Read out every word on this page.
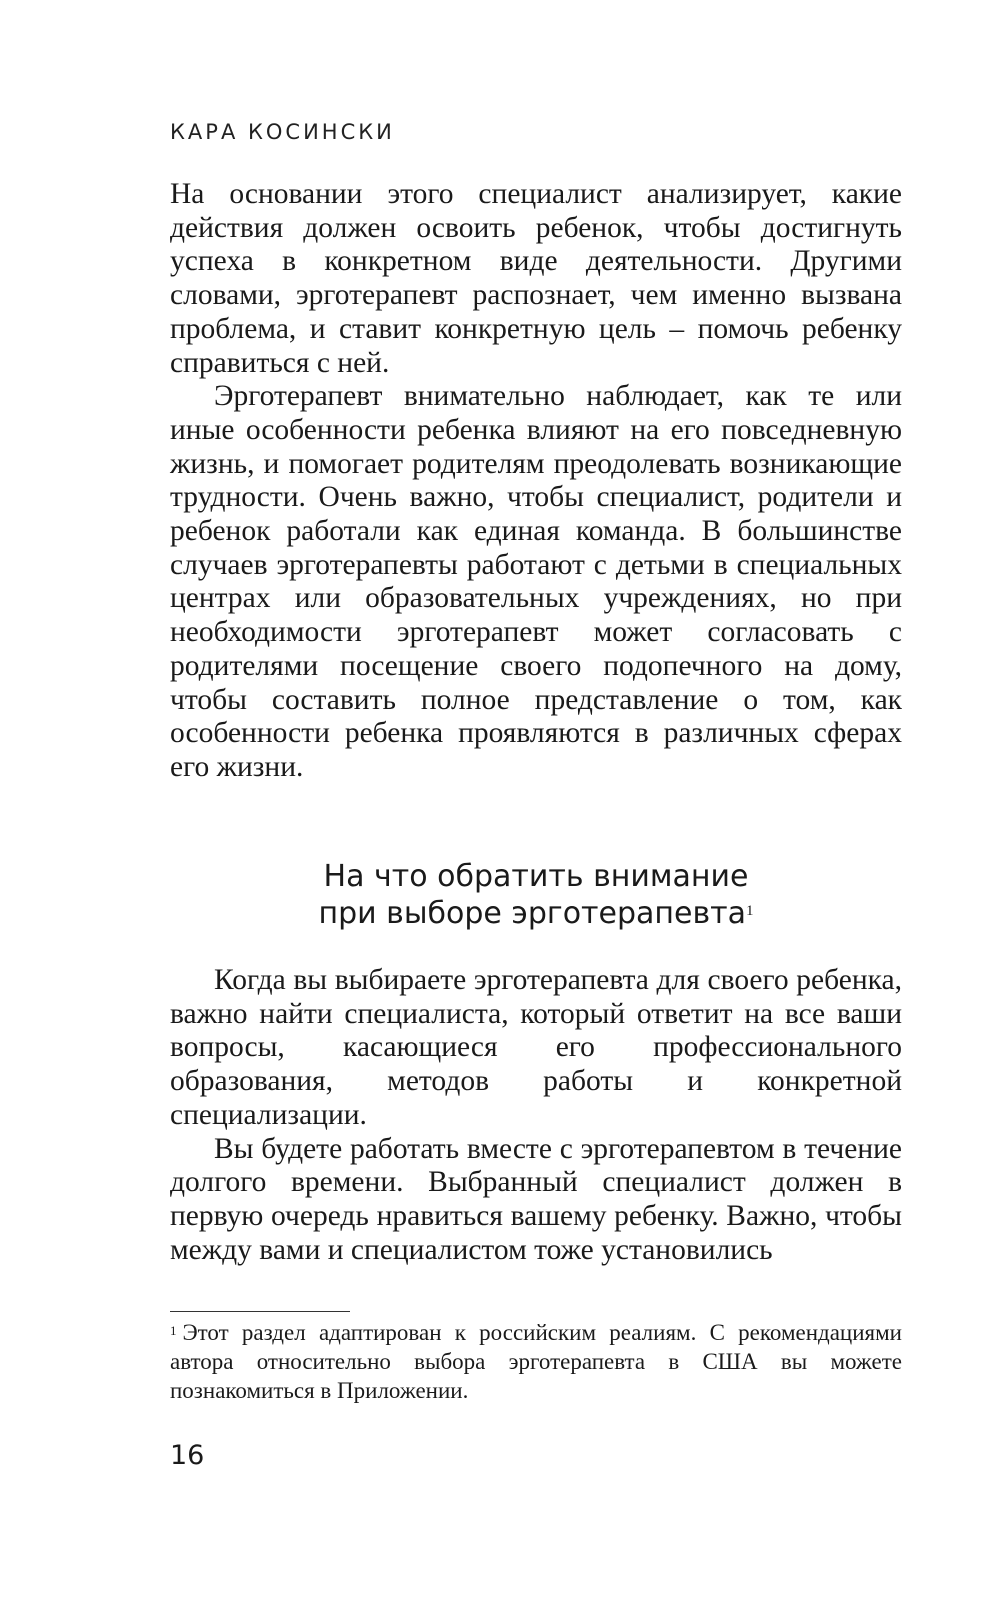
КАРА КОСИНСКИ

На основании этого специалист анализирует, какие действия должен освоить ребенок, чтобы достигнуть успеха в конкретном виде деятельности. Другими словами, эрготерапевт распознает, чем именно вызвана проблема, и ставит конкретную цель – помочь ребенку справиться с ней.

Эрготерапевт внимательно наблюдает, как те или иные особенности ребенка влияют на его повседневную жизнь, и помогает родителям преодолевать возникающие трудности. Очень важно, чтобы специалист, родители и ребенок работали как единая команда. В большинстве случаев эрготерапевты работают с детьми в специальных центрах или образовательных учреждениях, но при необходимости эрготерапевт может согласовать с родителями посещение своего подопечного на дому, чтобы составить полное представление о том, как особенности ребенка проявляются в различных сферах его жизни.

На что обратить внимание
при выборе эрготерапевта$^1$

Когда вы выбираете эрготерапевта для своего ребенка, важно найти специалиста, который ответит на все ваши вопросы, касающиеся его профессионального образования, методов работы и конкретной специализации.

Вы будете работать вместе с эрготерапевтом в течение долгого времени. Выбранный специалист должен в первую очередь нравиться вашему ребенку. Важно, чтобы между вами и специалистом тоже установились

$^1$ Этот раздел адаптирован к российским реалиям. С рекомендациями автора относительно выбора эрготерапевта в США вы можете познакомиться в Приложении.
16
